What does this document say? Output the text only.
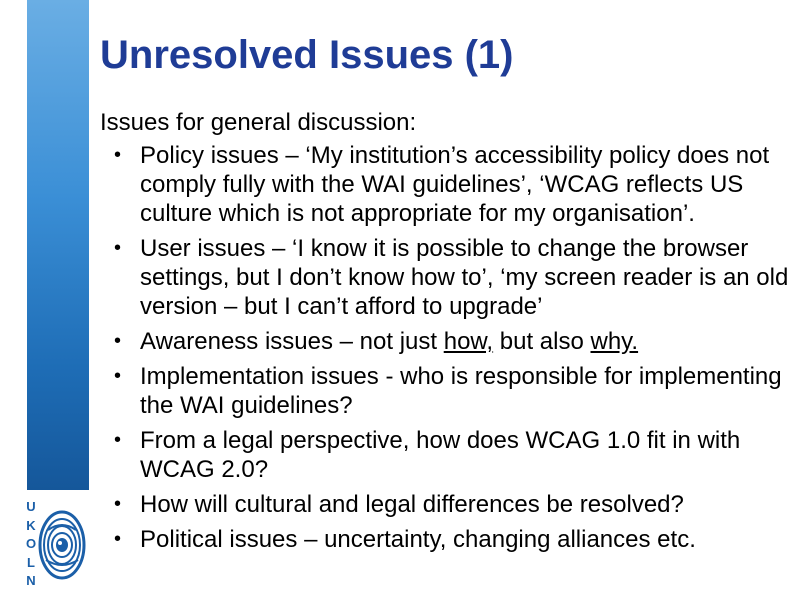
U
K
O
L
N
Unresolved Issues (1)

Issues for general discussion:

• Policy issues – ‘My institution’s accessibility policy does not comply fully with the WAI guidelines’, ‘WCAG reflects US culture which is not appropriate for my organisation’.
• User issues – ‘I know it is possible to change the browser settings, but I don’t know how to’, ‘my screen reader is an old version – but I can’t afford to upgrade’
• Awareness issues – not just how, but also why.
• Implementation issues - who is responsible for implementing the WAI guidelines?
• From a legal perspective, how does WCAG 1.0 fit in with WCAG 2.0?
• How will cultural and legal differences be resolved?
• Political issues – uncertainty, changing alliances etc.
